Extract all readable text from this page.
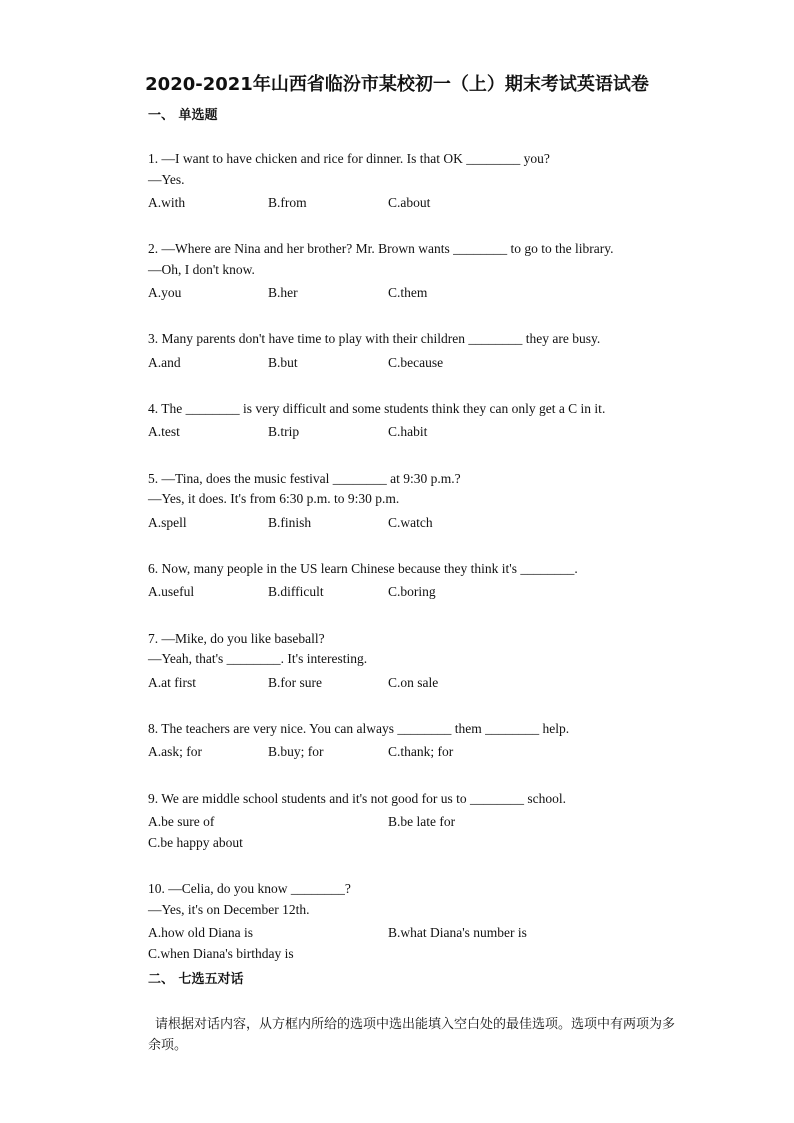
2020-2021年山西省临汾市某校初一（上）期末考试英语试卷
一、 单选题
1. —I want to have chicken and rice for dinner. Is that OK ________ you?
—Yes.
A.with	B.from	C.about
2. —Where are Nina and her brother? Mr. Brown wants ________ to go to the library.
—Oh, I don't know.
A.you	B.her	C.them
3. Many parents don't have time to play with their children ________ they are busy.
A.and	B.but	C.because
4. The ________ is very difficult and some students think they can only get a C in it.
A.test	B.trip	C.habit
5. —Tina, does the music festival ________ at 9:30 p.m.?
—Yes, it does. It's from 6:30 p.m. to 9:30 p.m.
A.spell	B.finish	C.watch
6. Now, many people in the US learn Chinese because they think it's ________.
A.useful	B.difficult	C.boring
7. —Mike, do you like baseball?
—Yeah, that's ________. It's interesting.
A.at first	B.for sure	C.on sale
8. The teachers are very nice. You can always ________ them ________ help.
A.ask; for	B.buy; for	C.thank; for
9. We are middle school students and it's not good for us to ________ school.
A.be sure of	B.be late for
C.be happy about
10. —Celia, do you know ________?
—Yes, it's on December 12th.
A.how old Diana is	B.what Diana's number is
C.when Diana's birthday is
二、 七选五对话
请根据对话内容，从方框内所给的选项中选出能填入空白处的最佳选项。选项中有两项为多余项。
